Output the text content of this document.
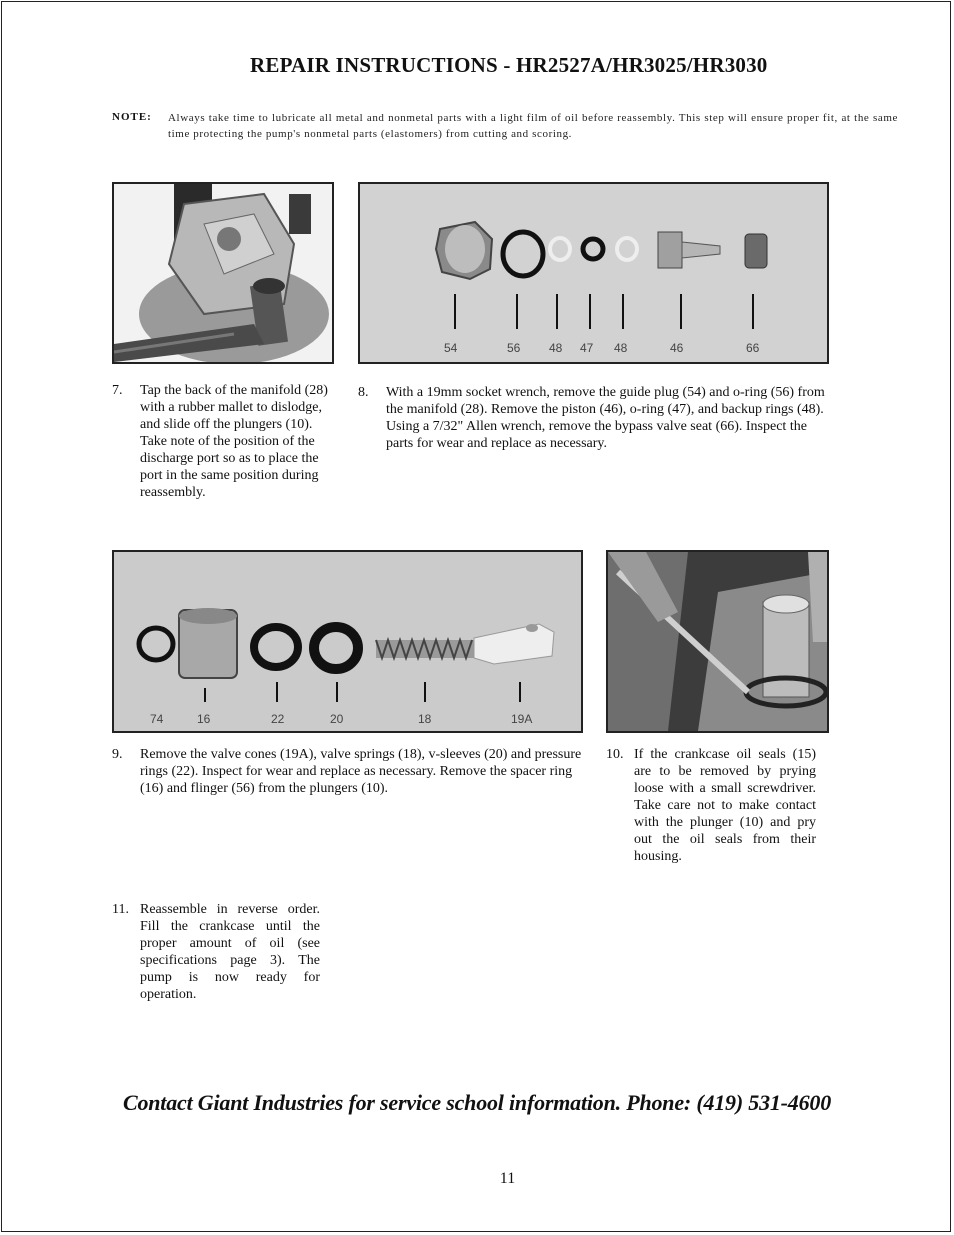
REPAIR INSTRUCTIONS - HR2527A/HR3025/HR3030
NOTE: Always take time to lubricate all metal and nonmetal parts with a light film of oil before reassembly. This step will ensure proper fit, at the same time protecting the pump's nonmetal parts (elastomers) from cutting and scoring.
54	56 48 47 48	46	66
74	16	22	20	18	19A
7. Tap the back of the manifold (28) with a rubber mallet to dislodge, and slide off the plungers (10). Take note of the position of the discharge port so as to place the port in the same position during reassembly.
8. With a 19mm socket wrench, remove the guide plug (54) and o-ring (56) from the manifold (28). Remove the piston (46), o-ring (47), and backup rings (48). Using a 7/32" Allen wrench, remove the bypass valve seat (66). Inspect the parts for wear and replace as necessary.
9. Remove the valve cones (19A), valve springs (18), v-sleeves (20) and pressure rings (22). Inspect for wear and replace as necessary. Remove the spacer ring (16) and flinger (56) from the plungers (10).
10. If the crankcase oil seals (15) are to be removed by prying loose with a small screwdriver. Take care not to make contact with the plunger (10) and pry out the oil seals from their housing.
11. Reassemble in reverse order. Fill the crankcase until the proper amount of oil (see specifications page 3). The pump is now ready for operation.
Contact Giant Industries for service school information. Phone: (419) 531-4600
11
